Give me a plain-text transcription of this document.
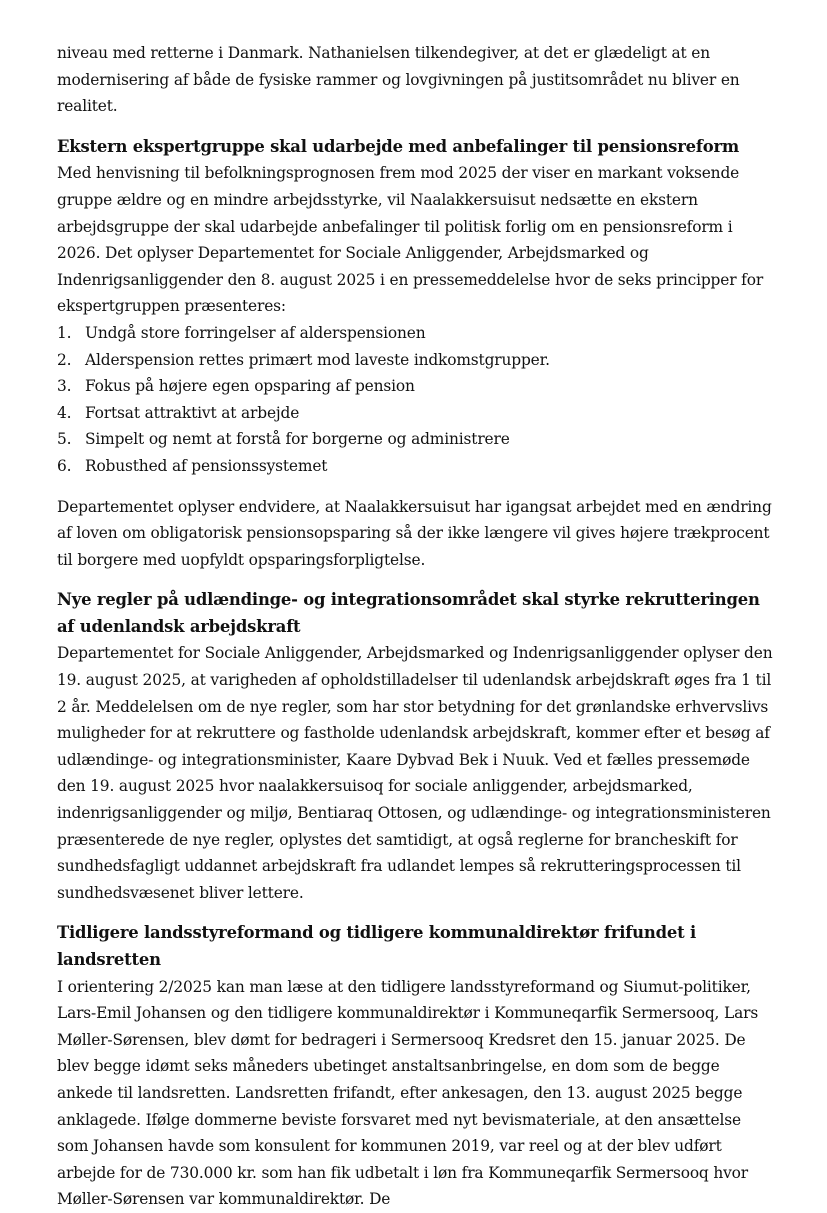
niveau med retterne i Danmark. Nathanielsen tilkendegiver, at det er glædeligt at en modernisering af både de fysiske rammer og lovgivningen på justitsområdet nu bliver en realitet.

Ekstern ekspertgruppe skal udarbejde med anbefalinger til pensionsreform

Med henvisning til befolkningsprognosen frem mod 2025 der viser en markant voksende gruppe ældre og en mindre arbejdsstyrke, vil Naalakkersuisut nedsætte en ekstern arbejdsgruppe der skal udarbejde anbefalinger til politisk forlig om en pensionsreform i 2026. Det oplyser Departementet for Sociale Anliggender, Arbejdsmarked og Indenrigsanliggender den 8. august 2025 i en pressemeddelelse hvor de seks principper for ekspertgruppen præsenteres:

1. Undgå store forringelser af alderspensionen
2. Alderspension rettes primært mod laveste indkomstgrupper.
3. Fokus på højere egen opsparing af pension
4. Fortsat attraktivt at arbejde
5. Simpelt og nemt at forstå for borgerne og administrere
6. Robusthed af pensionssystemet

Departementet oplyser endvidere, at Naalakkersuisut har igangsat arbejdet med en ændring af loven om obligatorisk pensionsopsparing så der ikke længere vil gives højere trækprocent til borgere med uopfyldt opsparingsforpligtelse.

Nye regler på udlændinge- og integrationsområdet skal styrke rekrutteringen af udenlandsk arbejdskraft

Departementet for Sociale Anliggender, Arbejdsmarked og Indenrigsanliggender oplyser den 19. august 2025, at varigheden af opholdstilladelser til udenlandsk arbejdskraft øges fra 1 til 2 år. Meddelelsen om de nye regler, som har stor betydning for det grønlandske erhvervslivs muligheder for at rekruttere og fastholde udenlandsk arbejdskraft, kommer efter et besøg af udlændinge- og integrationsminister, Kaare Dybvad Bek i Nuuk. Ved et fælles pressemøde den 19. august 2025 hvor naalakkersuisoq for sociale anliggender, arbejdsmarked, indenrigsanliggender og miljø, Bentiaraq Ottosen, og udlændinge- og integrationsministeren præsenterede de nye regler, oplystes det samtidigt, at også reglerne for brancheskift for sundhedsfagligt uddannet arbejdskraft fra udlandet lempes så rekrutteringsprocessen til sundhedsvæsenet bliver lettere.

Tidligere landsstyreformand og tidligere kommunaldirektør frifundet i landsretten

I orientering 2/2025 kan man læse at den tidligere landsstyreformand og Siumut-politiker, Lars-Emil Johansen og den tidligere kommunaldirektør i Kommuneqarfik Sermersooq, Lars Møller-Sørensen, blev dømt for bedrageri i Sermersooq Kredsret den 15. januar 2025. De blev begge idømt seks måneders ubetinget anstaltsanbringelse, en dom som de begge ankede til landsretten. Landsretten frifandt, efter ankesagen, den 13. august 2025 begge anklagede. Ifølge dommerne beviste forsvaret med nyt bevismateriale, at den ansættelse som Johansen havde som konsulent for kommunen 2019, var reel og at der blev udført arbejde for de 730.000 kr. som han fik udbetalt i løn fra Kommuneqarfik Sermersooq hvor Møller-Sørensen var kommunaldirektør. De
